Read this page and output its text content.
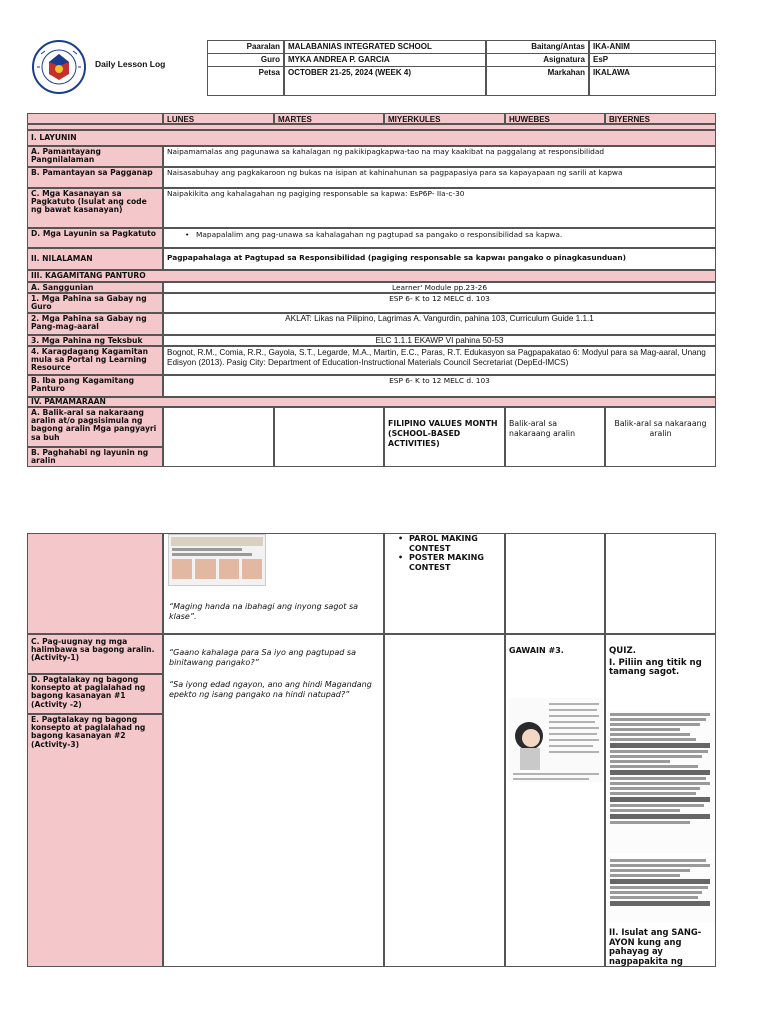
Daily Lesson Log
Paaralan	MALABANIAS INTEGRATED SCHOOL	Baitang/Antas	IKA-ANIM
Guro	MYKA ANDREA P. GARCIA	Asignatura	EsP
Petsa	OCTOBER 21-25, 2024 (WEEK 4)	Markahan	IKALAWA
LUNES	MARTES	MIYERKULES	HUWEBES	BIYERNES
I. LAYUNIN
A. Pamantayang Pangnilalaman
Naipamamalas ang pagunawa sa kahalagan ng pakikipagkapwa-tao na may kaakibat na paggalang at responsibilidad
B. Pamantayan sa Pagganap	Naisasabuhay ang pagkakaroon ng bukas na isipan at kahinahunan sa pagpapasiya para sa kapayapaan ng sarili at kapwa
C. Mga Kasanayan sa Pagkatuto (Isulat ang code ng bawat kasanayan)
Naipakikita ang kahalagahan ng pagiging responsable sa kapwa: EsP6P- IIa-c-30
D. Mga Layunin sa Pagkatuto
•	Mapapalalim ang pag-unawa sa kahalagahan ng pagtupad sa pangako o responsibilidad sa kapwa.
II. NILALAMAN	Pagpapahalaga at Pagtupad sa Responsibilidad (pagiging responsable sa kapwaı pangako o pinagkasunduan)
III. KAGAMITANG PANTURO
A. Sanggunian	Learner' Module pp.23-26
1. Mga Pahina sa Gabay ng Guro
ESP 6- K to 12 MELC d. 103
2. Mga Pahina sa Gabay ng Pang-mag-aaral
AKLAT: Likas na Pilipino, Lagrimas A. Vangurdin, pahina 103, Curriculum Guide 1.1.1
3. Mga Pahina ng Teksbuk	ELC 1.1.1 EKAWP VI pahina 50-53
4. Karagdagang Kagamitan mula sa Portal ng Learning Resource
Bognot, R.M., Comia, R.R., Gayola, S.T., Legarde, M.A., Martin, E.C., Paras, R.T. Edukasyon sa Pagpapakatao 6: Modyul para sa Mag-aaral, Unang Edisyon (2013). Pasig City: Department of Education-Instructional Materials Council Secretariat (DepEd-IMCS)
B. Iba pang Kagamitang Panturo
ESP 6- K to 12 MELC d. 103
IV. PAMAMARAAN
A. Balik-aral sa nakaraang aralin at/o pagsisimula ng bagong aralin Mga pangyayri sa buh
B. Paghahabi ng layunin ng aralin
FILIPINO VALUES MONTH (SCHOOL-BASED ACTIVITIES)
Balik-aral sa nakaraang aralin
Balik-aral sa nakaraang aralin
“Maging handa na ibahagi ang inyong sagot sa klase”.
• PAROL MAKING CONTEST
• POSTER MAKING CONTEST
C. Pag-uugnay ng mga halimbawa sa bagong aralin. (Activity-1)
D. Pagtalakay ng bagong konsepto at paglalahad ng bagong kasanayan #1 (Activity -2)
E. Pagtalakay ng bagong konsepto at paglalahad ng bagong kasanayan #2 (Activity-3)
“Gaano kahalaga para Sa iyo ang pagtupad sa binitawang pangako?”
“Sa iyong edad ngayon, ano ang hindi Magandang epekto ng isang pangako na hindi natupad?”
GAWAIN #3.	QUIZ.
I. Piliin ang titik ng tamang sagot.
II. Isulat ang SANG-AYON kung ang pahayag ay nagpapakita ng
